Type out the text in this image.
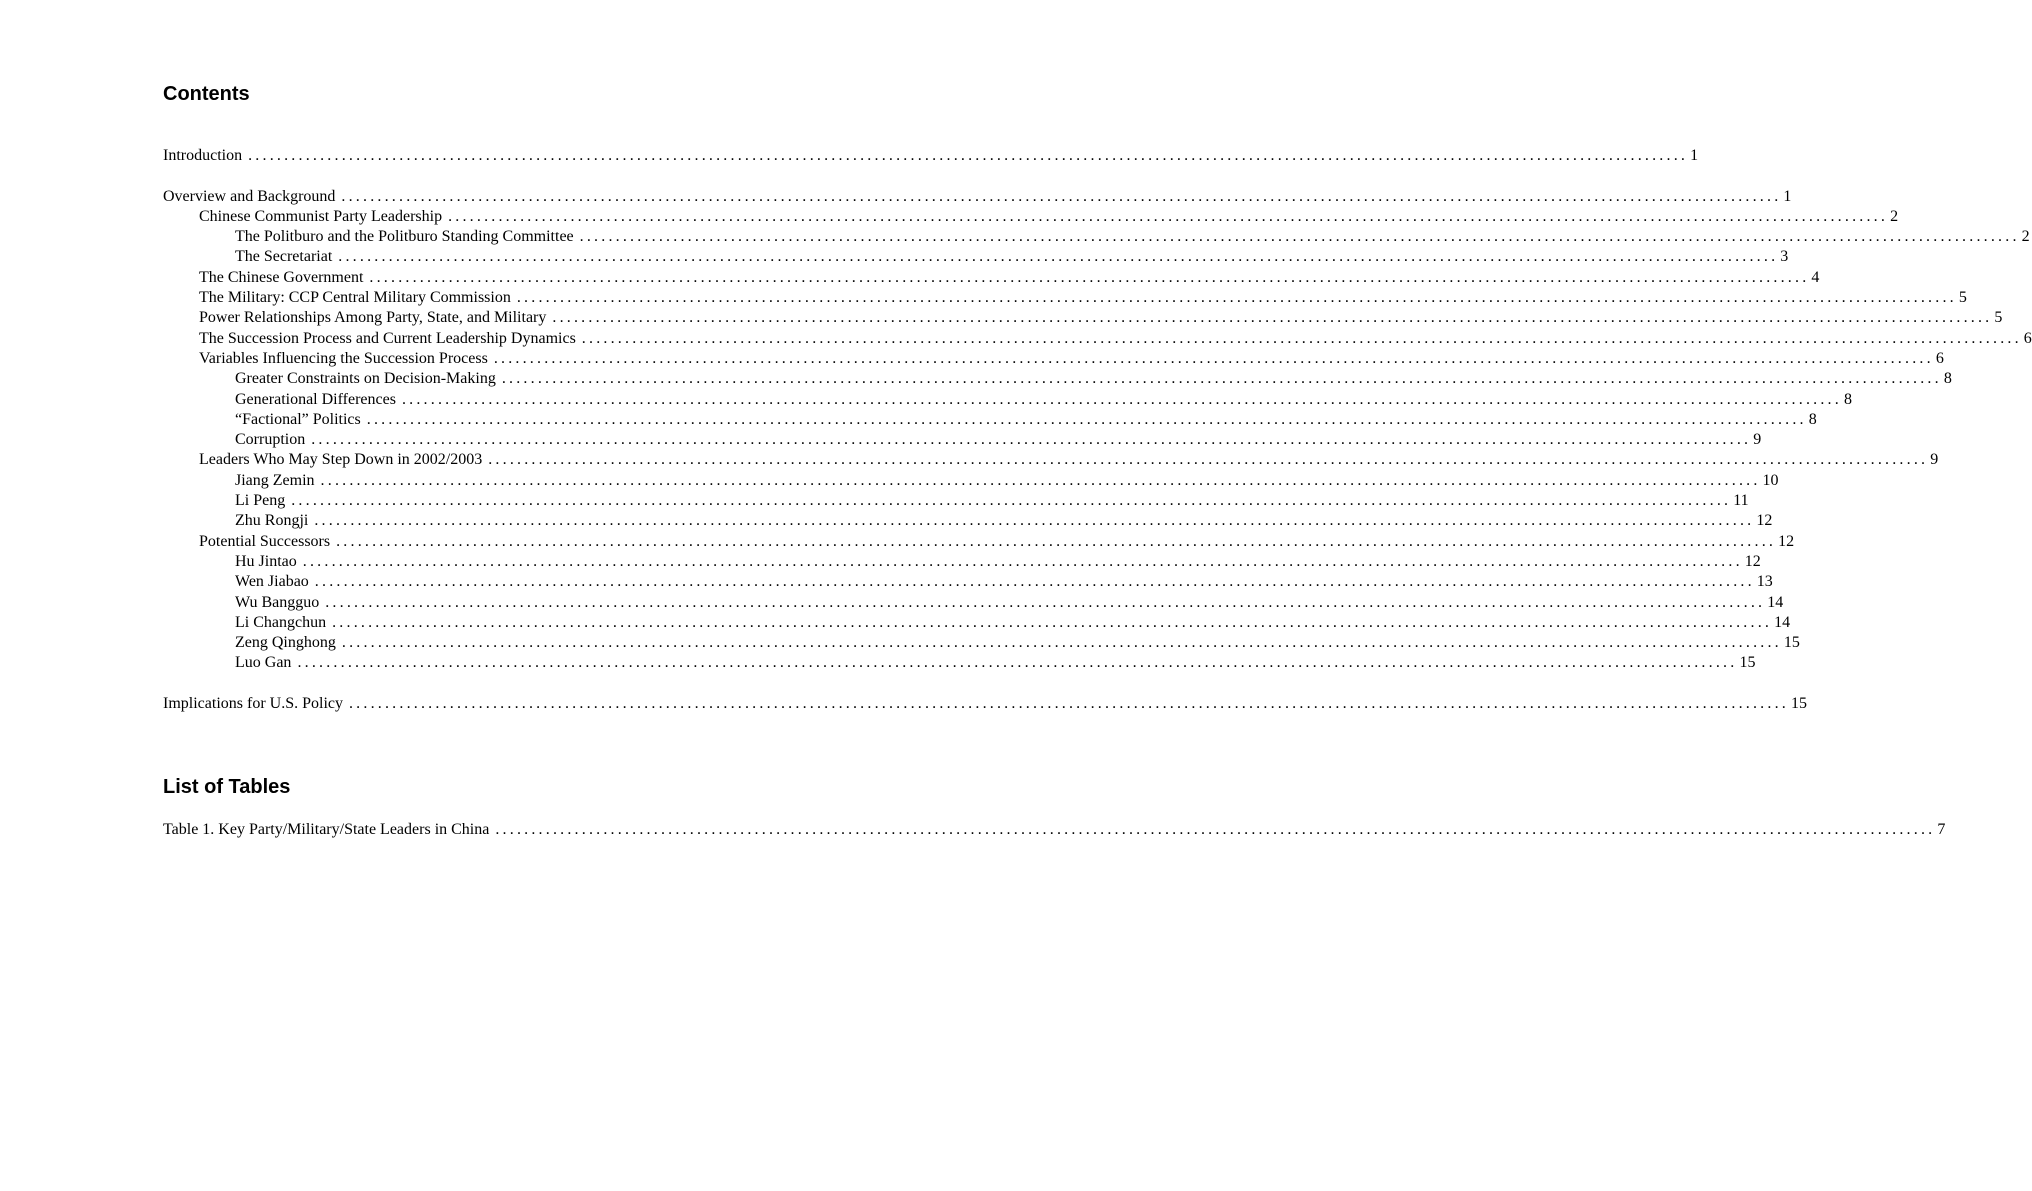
Contents
Introduction ........................................................................................................................................................................................................ 1
Overview and Background ........................................................................................................................................................................................................ 1
Chinese Communist Party Leadership ........................................................................................................................................................................................................ 2
The Politburo and the Politburo Standing Committee ........................................................................................................................................................................................................ 2
The Secretariat ........................................................................................................................................................................................................ 3
The Chinese Government ........................................................................................................................................................................................................ 4
The Military: CCP Central Military Commission ........................................................................................................................................................................................................ 5
Power Relationships Among Party, State, and Military ........................................................................................................................................................................................................ 5
The Succession Process and Current Leadership Dynamics ........................................................................................................................................................................................................ 6
Variables Influencing the Succession Process ........................................................................................................................................................................................................ 6
Greater Constraints on Decision-Making ........................................................................................................................................................................................................ 8
Generational Differences ........................................................................................................................................................................................................ 8
“Factional” Politics ........................................................................................................................................................................................................ 8
Corruption ........................................................................................................................................................................................................ 9
Leaders Who May Step Down in 2002/2003 ........................................................................................................................................................................................................ 9
Jiang Zemin ........................................................................................................................................................................................................ 10
Li Peng ........................................................................................................................................................................................................ 11
Zhu Rongji ........................................................................................................................................................................................................ 12
Potential Successors ........................................................................................................................................................................................................ 12
Hu Jintao ........................................................................................................................................................................................................ 12
Wen Jiabao ........................................................................................................................................................................................................ 13
Wu Bangguo ........................................................................................................................................................................................................ 14
Li Changchun ........................................................................................................................................................................................................ 14
Zeng Qinghong ........................................................................................................................................................................................................ 15
Luo Gan ........................................................................................................................................................................................................ 15
Implications for U.S. Policy ........................................................................................................................................................................................................ 15
List of Tables
Table 1. Key Party/Military/State Leaders in China ........................................................................................................................................................................................................ 7
